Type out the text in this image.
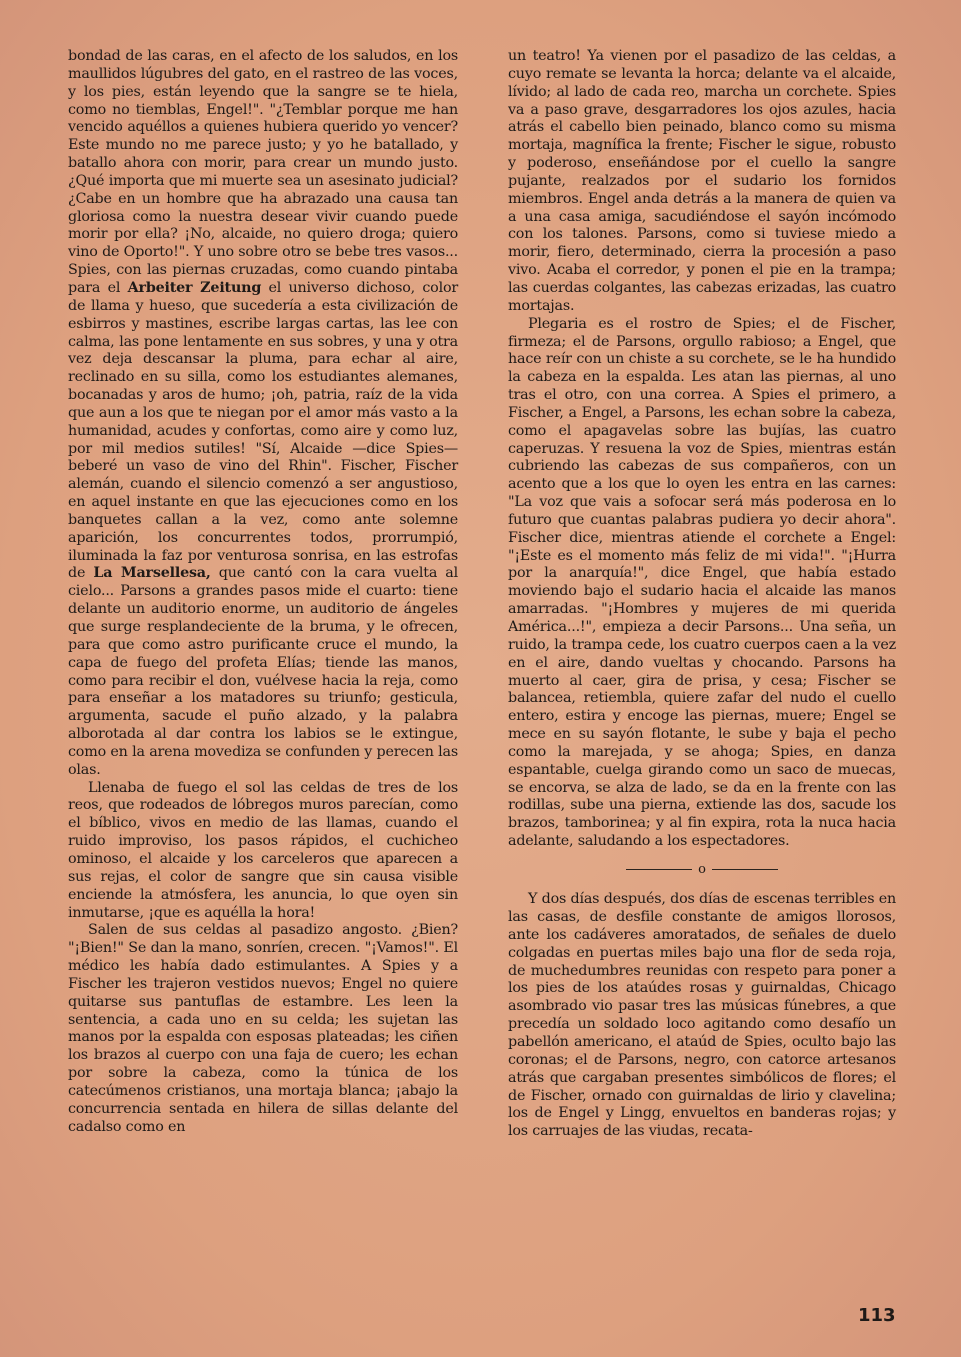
bondad de las caras, en el afecto de los saludos, en los maullidos lúgubres del gato, en el rastreo de las voces, y los pies, están leyendo que la sangre se te hiela, como no tiemblas, Engel!". "¿Temblar porque me han vencido aquéllos a quienes hubiera querido yo vencer? Este mundo no me parece justo; y yo he batallado, y batallo ahora con morir, para crear un mundo justo. ¿Qué importa que mi muerte sea un asesinato judicial? ¿Cabe en un hombre que ha abrazado una causa tan gloriosa como la nuestra desear vivir cuando puede morir por ella? ¡No, alcaide, no quiero droga; quiero vino de Oporto!". Y uno sobre otro se bebe tres vasos... Spies, con las piernas cruzadas, como cuando pintaba para el Arbeiter Zeitung el universo dichoso, color de llama y hueso, que sucedería a esta civilización de esbirros y mastines, escribe largas cartas, las lee con calma, las pone lentamente en sus sobres, y una y otra vez deja descansar la pluma, para echar al aire, reclinado en su silla, como los estudiantes alemanes, bocanadas y aros de humo; ¡oh, patria, raíz de la vida que aun a los que te niegan por el amor más vasto a la humanidad, acudes y confortas, como aire y como luz, por mil medios sutiles! "Sí, Alcaide —dice Spies— beberé un vaso de vino del Rhin". Fischer, Fischer alemán, cuando el silencio comenzó a ser angustioso, en aquel instante en que las ejecuciones como en los banquetes callan a la vez, como ante solemne aparición, los concurrentes todos, prorrumpió, iluminada la faz por venturosa sonrisa, en las estrofas de La Marsellesa, que cantó con la cara vuelta al cielo... Parsons a grandes pasos mide el cuarto: tiene delante un auditorio enorme, un auditorio de ángeles que surge resplandeciente de la bruma, y le ofrecen, para que como astro purificante cruce el mundo, la capa de fuego del profeta Elías; tiende las manos, como para recibir el don, vuélvese hacia la reja, como para enseñar a los matadores su triunfo; gesticula, argumenta, sacude el puño alzado, y la palabra alborotada al dar contra los labios se le extingue, como en la arena movediza se confunden y perecen las olas.

Llenaba de fuego el sol las celdas de tres de los reos, que rodeados de lóbregos muros parecían, como el bíblico, vivos en medio de las llamas, cuando el ruido improviso, los pasos rápidos, el cuchicheo ominoso, el alcaide y los carceleros que aparecen a sus rejas, el color de sangre que sin causa visible enciende la atmósfera, les anuncia, lo que oyen sin inmutarse, ¡que es aquélla la hora!

Salen de sus celdas al pasadizo angosto. ¿Bien? "¡Bien!" Se dan la mano, sonríen, crecen. "¡Vamos!". El médico les había dado estimulantes. A Spies y a Fischer les trajeron vestidos nuevos; Engel no quiere quitarse sus pantuflas de estambre. Les leen la sentencia, a cada uno en su celda; les sujetan las manos por la espalda con esposas plateadas; les ciñen los brazos al cuerpo con una faja de cuero; les echan por sobre la cabeza, como la túnica de los catecúmenos cristianos, una mortaja blanca; ¡abajo la concurrencia sentada en hilera de sillas delante del cadalso como en

un teatro! Ya vienen por el pasadizo de las celdas, a cuyo remate se levanta la horca; delante va el alcaide, lívido; al lado de cada reo, marcha un corchete. Spies va a paso grave, desgarradores los ojos azules, hacia atrás el cabello bien peinado, blanco como su misma mortaja, magnífica la frente; Fischer le sigue, robusto y poderoso, enseñándose por el cuello la sangre pujante, realzados por el sudario los fornidos miembros. Engel anda detrás a la manera de quien va a una casa amiga, sacudiéndose el sayón incómodo con los talones. Parsons, como si tuviese miedo a morir, fiero, determinado, cierra la procesión a paso vivo. Acaba el corredor, y ponen el pie en la trampa; las cuerdas colgantes, las cabezas erizadas, las cuatro mortajas.

Plegaria es el rostro de Spies; el de Fischer, firmeza; el de Parsons, orgullo rabioso; a Engel, que hace reír con un chiste a su corchete, se le ha hundido la cabeza en la espalda. Les atan las piernas, al uno tras el otro, con una correa. A Spies el primero, a Fischer, a Engel, a Parsons, les echan sobre la cabeza, como el apagavelas sobre las bujías, las cuatro caperuzas. Y resuena la voz de Spies, mientras están cubriendo las cabezas de sus compañeros, con un acento que a los que lo oyen les entra en las carnes: "La voz que vais a sofocar será más poderosa en lo futuro que cuantas palabras pudiera yo decir ahora". Fischer dice, mientras atiende el corchete a Engel: "¡Este es el momento más feliz de mi vida!". "¡Hurra por la anarquía!", dice Engel, que había estado moviendo bajo el sudario hacia el alcaide las manos amarradas. "¡Hombres y mujeres de mi querida América...!", empieza a decir Parsons... Una seña, un ruido, la trampa cede, los cuatro cuerpos caen a la vez en el aire, dando vueltas y chocando. Parsons ha muerto al caer, gira de prisa, y cesa; Fischer se balancea, retiembla, quiere zafar del nudo el cuello entero, estira y encoge las piernas, muere; Engel se mece en su sayón flotante, le sube y baja el pecho como la marejada, y se ahoga; Spies, en danza espantable, cuelga girando como un saco de muecas, se encorva, se alza de lado, se da en la frente con las rodillas, sube una pierna, extiende las dos, sacude los brazos, tamborinea; y al fin expira, rota la nuca hacia adelante, saludando a los espectadores.

o

Y dos días después, dos días de escenas terribles en las casas, de desfile constante de amigos llorosos, ante los cadáveres amoratados, de señales de duelo colgadas en puertas miles bajo una flor de seda roja, de muchedumbres reunidas con respeto para poner a los pies de los ataúdes rosas y guirnaldas, Chicago asombrado vio pasar tres las músicas fúnebres, a que precedía un soldado loco agitando como desafío un pabellón americano, el ataúd de Spies, oculto bajo las coronas; el de Parsons, negro, con catorce artesanos atrás que cargaban presentes simbólicos de flores; el de Fischer, ornado con guirnaldas de lirio y clavelina; los de Engel y Lingg, envueltos en banderas rojas; y los carruajes de las viudas, recata-

113
